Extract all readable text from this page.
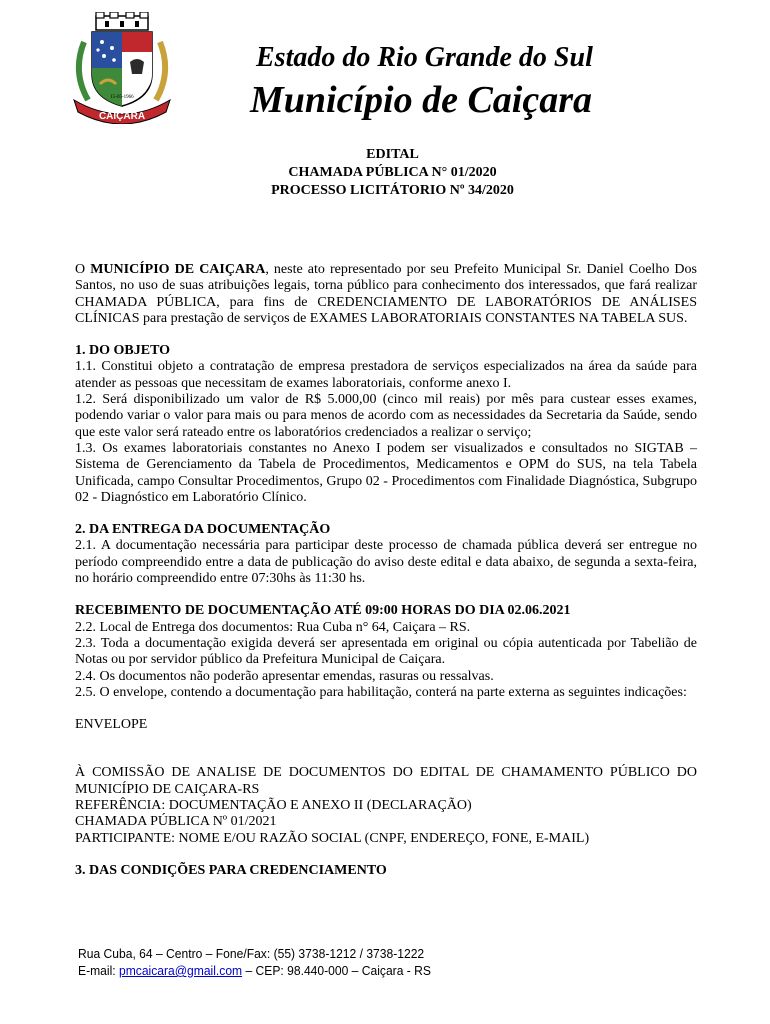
15-05-1966
CAIÇARA
Estado do Rio Grande do Sul
Município de Caiçara
EDITAL
CHAMADA PÚBLICA N° 01/2020
PROCESSO LICITÁTORIO Nº 34/2020

O MUNICÍPIO DE CAIÇARA, neste ato representado por seu Prefeito Municipal Sr. Daniel Coelho Dos Santos, no uso de suas atribuições legais, torna público para conhecimento dos interessados, que fará realizar CHAMADA PÚBLICA, para fins de CREDENCIAMENTO DE LABORATÓRIOS DE ANÁLISES CLÍNICAS para prestação de serviços de EXAMES LABORATORIAIS CONSTANTES NA TABELA SUS.

1. DO OBJETO

1.1. Constitui objeto a contratação de empresa prestadora de serviços especializados na área da saúde para atender as pessoas que necessitam de exames laboratoriais, conforme anexo I.

1.2. Será disponibilizado um valor de R$ 5.000,00 (cinco mil reais) por mês para custear esses exames, podendo variar o valor para mais ou para menos de acordo com as necessidades da Secretaria da Saúde, sendo que este valor será rateado entre os laboratórios credenciados a realizar o serviço;

1.3. Os exames laboratoriais constantes no Anexo I podem ser visualizados e consultados no SIGTAB – Sistema de Gerenciamento da Tabela de Procedimentos, Medicamentos e OPM do SUS, na tela Tabela Unificada, campo Consultar Procedimentos, Grupo 02 - Procedimentos com Finalidade Diagnóstica, Subgrupo 02 - Diagnóstico em Laboratório Clínico.

2. DA ENTREGA DA DOCUMENTAÇÃO

2.1. A documentação necessária para participar deste processo de chamada pública deverá ser entregue no período compreendido entre a data de publicação do aviso deste edital e data abaixo, de segunda a sexta-feira, no horário compreendido entre 07:30hs às 11:30 hs.

RECEBIMENTO DE DOCUMENTAÇÃO ATÉ 09:00 HORAS DO DIA 02.06.2021

2.2. Local de Entrega dos documentos: Rua Cuba n° 64, Caiçara – RS.

2.3. Toda a documentação exigida deverá ser apresentada em original ou cópia autenticada por Tabelião de Notas ou por servidor público da Prefeitura Municipal de Caiçara.

2.4. Os documentos não poderão apresentar emendas, rasuras ou ressalvas.

2.5. O envelope, contendo a documentação para habilitação, conterá na parte externa as seguintes indicações:

ENVELOPE

À COMISSÃO DE ANALISE DE DOCUMENTOS DO EDITAL DE CHAMAMENTO PÚBLICO DO MUNICÍPIO DE CAIÇARA-RS

REFERÊNCIA: DOCUMENTAÇÃO E ANEXO II (DECLARAÇÃO)

CHAMADA PÚBLICA Nº 01/2021

PARTICIPANTE: NOME E/OU RAZÃO SOCIAL (CNPF, ENDEREÇO, FONE, E-MAIL)

3. DAS CONDIÇÕES PARA CREDENCIAMENTO

Rua Cuba, 64 – Centro – Fone/Fax: (55) 3738-1212 / 3738-1222
E-mail: pmcaicara@gmail.com – CEP: 98.440-000 – Caiçara - RS
